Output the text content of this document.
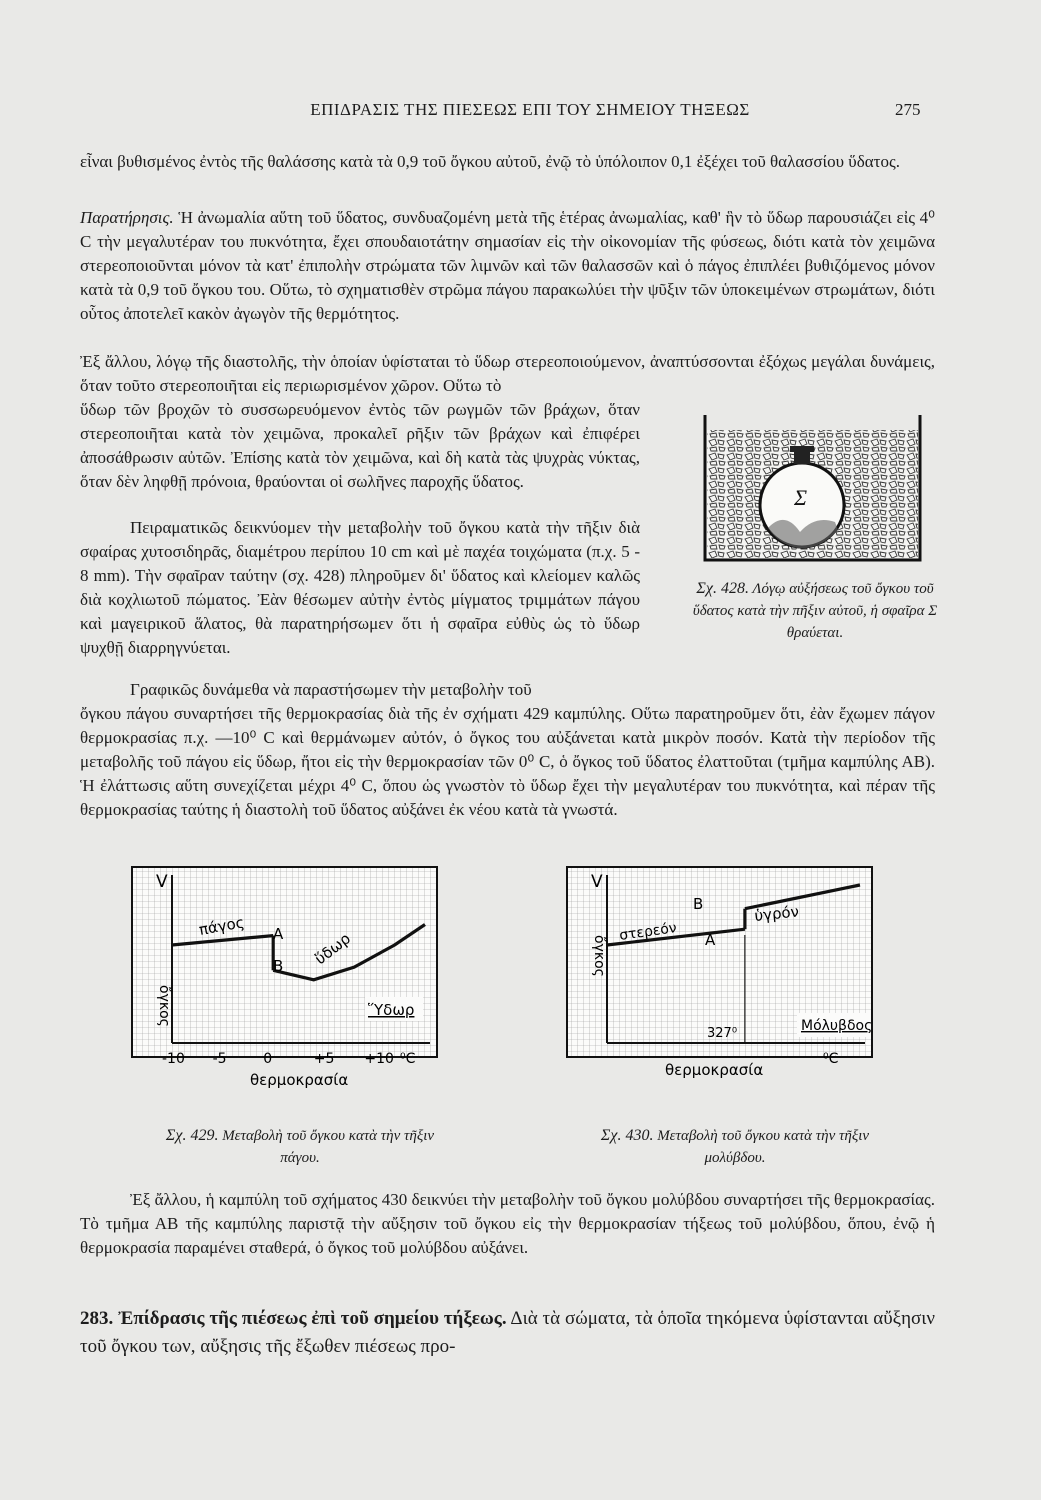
ΕΠΙΔΡΑΣΙΣ ΤΗΣ ΠΙΕΣΕΩΣ ΕΠΙ ΤΟΥ ΣΗΜΕΙΟΥ ΤΗΞΕΩΣ	275
εἶναι βυθισμένος ἐντὸς τῆς θαλάσσης κατὰ τὰ 0,9 τοῦ ὄγκου αὐτοῦ, ἐνῷ τὸ ὑπόλοιπον 0,1 ἐξέχει τοῦ θαλασσίου ὕδατος.
Παρατήρησις. Ἡ ἀνωμαλία αὕτη τοῦ ὕδατος, συνδυαζομένη μετὰ τῆς ἑτέρας ἀνωμαλίας, καθ' ἣν τὸ ὕδωρ παρουσιάζει εἰς 4⁰ C τὴν μεγαλυτέραν του πυκνότητα, ἔχει σπουδαιοτάτην σημασίαν εἰς τὴν οἰκονομίαν τῆς φύσεως, διότι κατὰ τὸν χειμῶνα στερεοποιοῦνται μόνον τὰ κατ' ἐπιπολὴν στρώματα τῶν λιμνῶν καὶ τῶν θαλασσῶν καὶ ὁ πάγος ἐπιπλέει βυθιζόμενος μόνον κατὰ τὰ 0,9 τοῦ ὄγκου του. Οὕτω, τὸ σχηματισθὲν στρῶμα πάγου παρακωλύει τὴν ψῦξιν τῶν ὑποκειμένων στρωμάτων, διότι οὗτος ἀποτελεῖ κακὸν ἀγωγὸν τῆς θερμότητος.
Ἐξ ἄλλου, λόγῳ τῆς διαστολῆς, τὴν ὁποίαν ὑφίσταται τὸ ὕδωρ στερεοποιούμενον, ἀναπτύσσονται ἐξόχως μεγάλαι δυνάμεις, ὅταν τοῦτο στερεοποιῆται εἰς περιωρισμένον χῶρον. Οὕτω τὸ
ὕδωρ τῶν βροχῶν τὸ συσσωρευόμενον ἐντὸς τῶν ρωγμῶν τῶν βράχων, ὅταν στερεοποιῆται κατὰ τὸν χειμῶνα, προκαλεῖ ρῆξιν τῶν βράχων καὶ ἐπιφέρει ἀποσάθρωσιν αὐτῶν. Ἐπίσης κατὰ τὸν χειμῶνα, καὶ δὴ κατὰ τὰς ψυχρὰς νύκτας, ὅταν δὲν ληφθῇ πρόνοια, θραύονται οἱ σωλῆνες παροχῆς ὕδατος.
Πειραματικῶς δεικνύομεν τὴν μεταβολὴν τοῦ ὄγκου κατὰ τὴν τῆξιν διὰ σφαίρας χυτοσιδηρᾶς, διαμέτρου περίπου 10 cm καὶ μὲ παχέα τοιχώματα (π.χ. 5 - 8 mm). Τὴν σφαῖραν ταύτην (σχ. 428) πληροῦμεν δι' ὕδατος καὶ κλείομεν καλῶς διὰ κοχλιωτοῦ πώματος. Ἐὰν θέσωμεν αὐτὴν ἐντὸς μίγματος τριμμάτων πάγου καὶ μαγειρικοῦ ἅλατος, θὰ παρατηρήσωμεν ὅτι ἡ σφαῖρα εὐθὺς ὡς τὸ ὕδωρ ψυχθῇ διαρρηγνύεται.
Γραφικῶς δυνάμεθα νὰ παραστήσωμεν τὴν μεταβολὴν τοῦ
ὄγκου πάγου συναρτήσει τῆς θερμοκρασίας διὰ τῆς ἐν σχήματι 429 καμπύλης. Οὕτω παρατηροῦμεν ὅτι, ἐὰν ἔχωμεν πάγον θερμοκρασίας π.χ. —10⁰ C καὶ θερμάνωμεν αὐτόν, ὁ ὄγκος του αὐξάνεται κατὰ μικρὸν ποσόν. Κατὰ τὴν περίοδον τῆς μεταβολῆς τοῦ πάγου εἰς ὕδωρ, ἤτοι εἰς τὴν θερμοκρασίαν τῶν 0⁰ C, ὁ ὄγκος τοῦ ὕδατος ἐλαττοῦται (τμῆμα καμπύλης ΑΒ). Ἡ ἐλάττωσις αὕτη συνεχίζεται μέχρι 4⁰ C, ὅπου ὡς γνωστὸν τὸ ὕδωρ ἔχει τὴν μεγαλυτέραν του πυκνότητα, καὶ πέραν τῆς θερμοκρασίας ταύτης ἡ διαστολὴ τοῦ ὕδατος αὐξάνει ἐκ νέου κατὰ τὰ γνωστά.
Σ
Σχ. 428. Λόγῳ αὐξήσεως τοῦ ὄγκου τοῦ ὕδατος κατὰ τὴν πῆξιν αὐτοῦ, ἡ σφαῖρα Σ θραύεται.
-10 -5	0	+5 +10
V
ὄγκος
πάγος
ὕδωρ
A
B
Ὕδωρ
⁰C
θερμοκρασία
Σχ. 429. Μεταβολὴ τοῦ ὄγκου κατὰ τὴν τῆξιν πάγου.
V
ὄγκος
στερεόν
ὑγρόν
B
A
327⁰	Μόλυβδος
⁰C
θερμοκρασία
Σχ. 430. Μεταβολὴ τοῦ ὄγκου κατὰ τὴν τῆξιν μολύβδου.
Ἐξ ἄλλου, ἡ καμπύλη τοῦ σχήματος 430 δεικνύει τὴν μεταβολὴν τοῦ ὄγκου μολύβδου συναρτήσει τῆς θερμοκρασίας. Τὸ τμῆμα ΑΒ τῆς καμπύλης παριστᾷ τὴν αὔξησιν τοῦ ὄγκου εἰς τὴν θερμοκρασίαν τήξεως τοῦ μολύβδου, ὅπου, ἐνῷ ἡ θερμοκρασία παραμένει σταθερά, ὁ ὄγκος τοῦ μολύβδου αὐξάνει.
283. Ἐπίδρασις τῆς πιέσεως ἐπὶ τοῦ σημείου τήξεως. Διὰ τὰ σώματα, τὰ ὁποῖα τηκόμενα ὑφίστανται αὔξησιν τοῦ ὄγκου των, αὔξησις τῆς ἔξωθεν πιέσεως προ-
